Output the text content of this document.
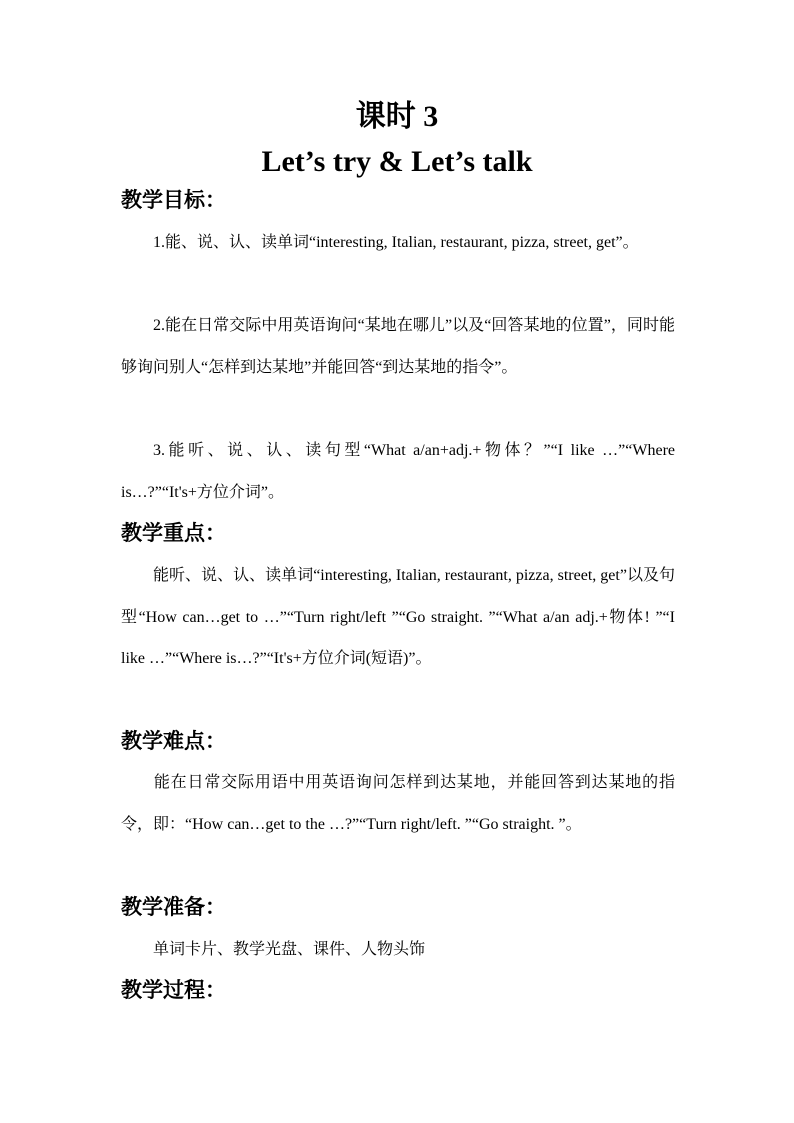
课时 3
Let’s try & Let’s talk
教学目标：

1.能、说、认、读单词“interesting, Italian, restaurant, pizza, street, get”。

2.能在日常交际中用英语询问“某地在哪儿”以及“回答某地的位置”，同时能够询问别人“怎样到达某地”并能回答“到达某地的指令”。

3.能听、说、认、读句型“What a/an+adj.+物体？”“I like …”“Where is…?”“It's+方位介词”。

教学重点：

能听、说、认、读单词“interesting, Italian, restaurant, pizza, street, get”以及句型“How can…get to …”“Turn right/left ”“Go straight. ”“What a/an adj.+物体! ”“I like …”“Where is…?”“It's+方位介词(短语)”。

教学难点：

能在日常交际用语中用英语询问怎样到达某地，并能回答到达某地的指令，即：“How can…get to the …?”“Turn right/left. ”“Go straight. ”。

教学准备：

单词卡片、教学光盘、课件、人物头饰

教学过程：
